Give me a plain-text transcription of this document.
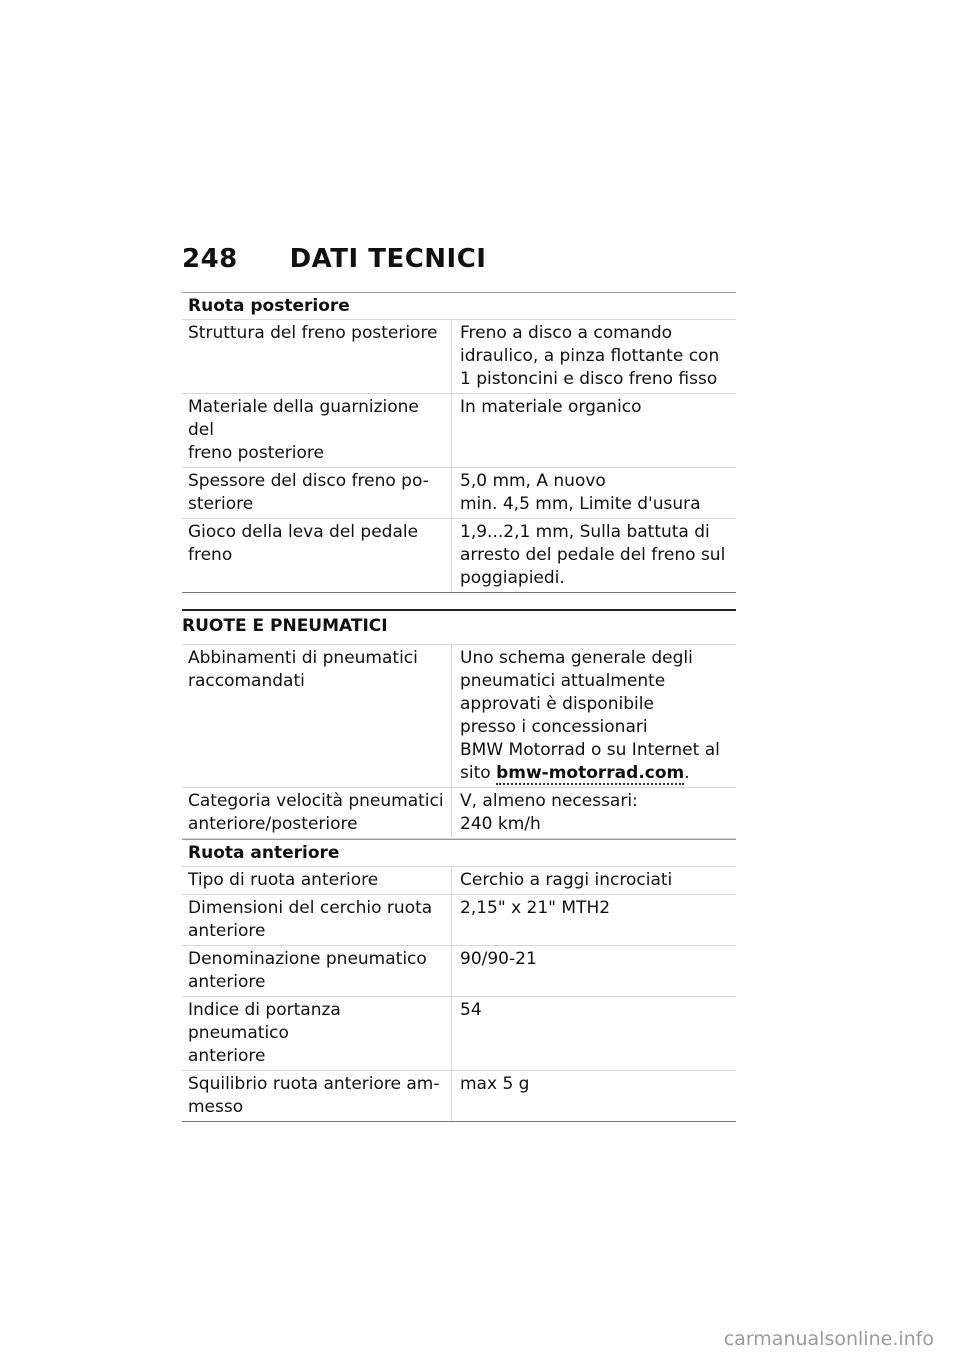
248 DATI TECNICI
Ruota posteriore
Struttura del freno posteriore	Freno a disco a comando
idraulico, a pinza flottante con
1 pistoncini e disco freno fisso
Materiale della guarnizione del
freno posteriore
In materiale organico
Spessore del disco freno po-
steriore
5,0 mm, A nuovo
min. 4,5 mm, Limite d'usura
Gioco della leva del pedale
freno
1,9...2,1 mm, Sulla battuta di
arresto del pedale del freno sul
poggiapiedi.
RUOTE E PNEUMATICI
Abbinamenti di pneumatici
raccomandati
Uno schema generale degli
pneumatici attualmente
approvati è disponibile
presso i concessionari
BMW Motorrad o su Internet al
sito bmw-motorrad.com.
Categoria velocità pneumatici
anteriore/posteriore
V, almeno necessari:
240 km/h
Ruota anteriore
Tipo di ruota anteriore	Cerchio a raggi incrociati
Dimensioni del cerchio ruota
anteriore
2,15" x 21" MTH2
Denominazione pneumatico
anteriore
90/90-21
Indice di portanza pneumatico
anteriore
54
Squilibrio ruota anteriore am-
messo
max 5 g
carmanualsonline.info
